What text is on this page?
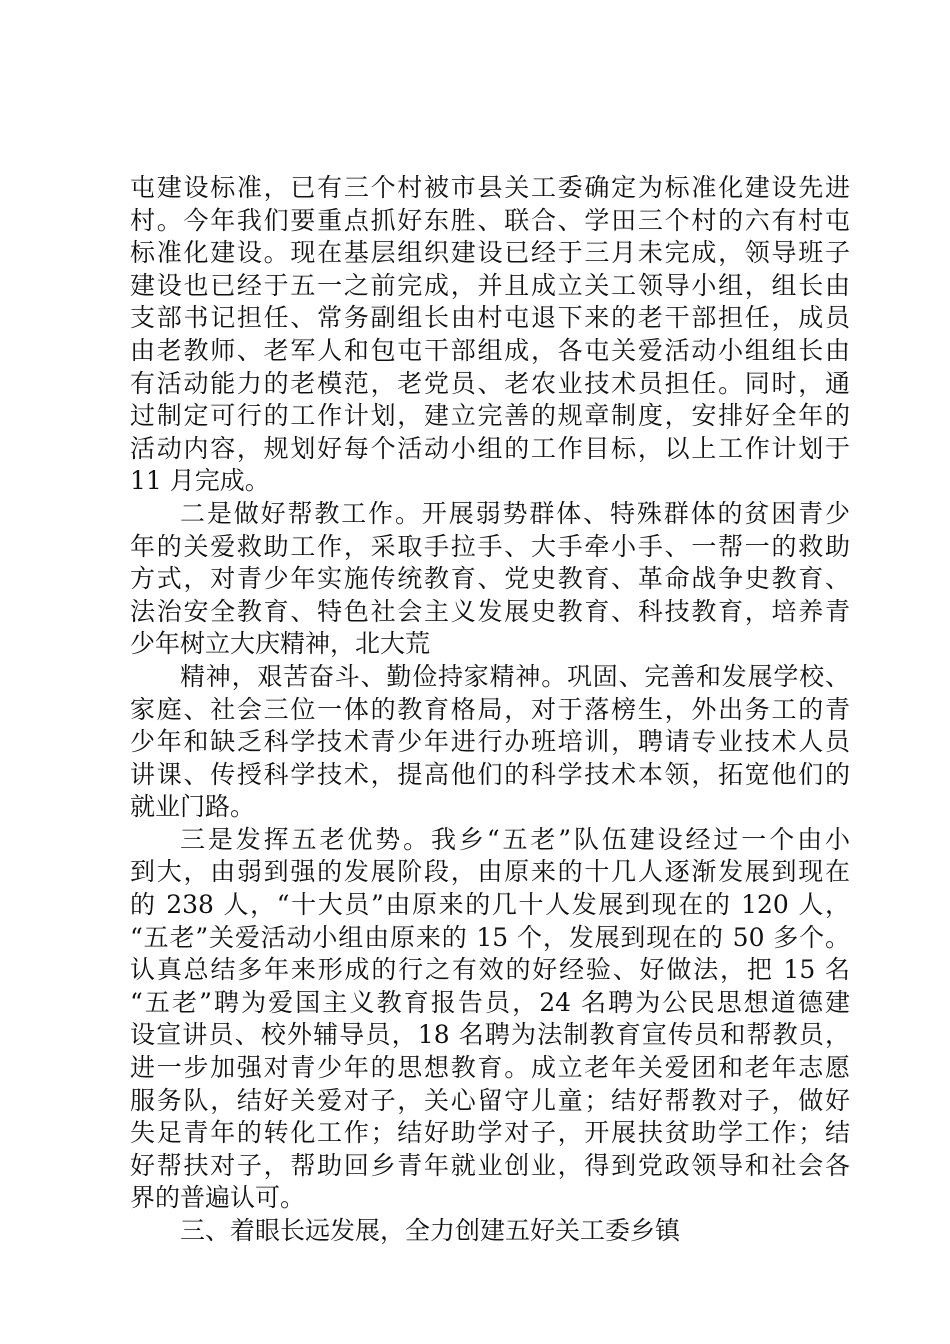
屯建设标准，已有三个村被市县关工委确定为标准化建设先进
村。今年我们要重点抓好东胜、联合、学田三个村的六有村屯
标准化建设。现在基层组织建设已经于三月未完成，领导班子
建设也已经于五一之前完成，并且成立关工领导小组，组长由
支部书记担任、常务副组长由村屯退下来的老干部担任，成员
由老教师、老军人和包屯干部组成，各屯关爱活动小组组长由
有活动能力的老模范，老党员、老农业技术员担任。同时，通
过制定可行的工作计划，建立完善的规章制度，安排好全年的
活动内容，规划好每个活动小组的工作目标，以上工作计划于
11 月完成。
二是做好帮教工作。开展弱势群体、特殊群体的贫困青少
年的关爱救助工作，采取手拉手、大手牵小手、一帮一的救助
方式，对青少年实施传统教育、党史教育、革命战争史教育、
法治安全教育、特色社会主义发展史教育、科技教育，培养青
少年树立大庆精神，北大荒
精神，艰苦奋斗、勤俭持家精神。巩固、完善和发展学校、
家庭、社会三位一体的教育格局，对于落榜生，外出务工的青
少年和缺乏科学技术青少年进行办班培训，聘请专业技术人员
讲课、传授科学技术，提高他们的科学技术本领，拓宽他们的
就业门路。
三是发挥五老优势。我乡“五老”队伍建设经过一个由小
到大，由弱到强的发展阶段，由原来的十几人逐渐发展到现在
的 238 人，“十大员”由原来的几十人发展到现在的 120 人，
“五老”关爱活动小组由原来的 15 个，发展到现在的 50 多个。
认真总结多年来形成的行之有效的好经验、好做法，把 15 名
“五老”聘为爱国主义教育报告员，24 名聘为公民思想道德建
设宣讲员、校外辅导员，18 名聘为法制教育宣传员和帮教员，
进一步加强对青少年的思想教育。成立老年关爱团和老年志愿
服务队，结好关爱对子，关心留守儿童；结好帮教对子，做好
失足青年的转化工作；结好助学对子，开展扶贫助学工作；结
好帮扶对子，帮助回乡青年就业创业，得到党政领导和社会各
界的普遍认可。
三、着眼长远发展，全力创建五好关工委乡镇
